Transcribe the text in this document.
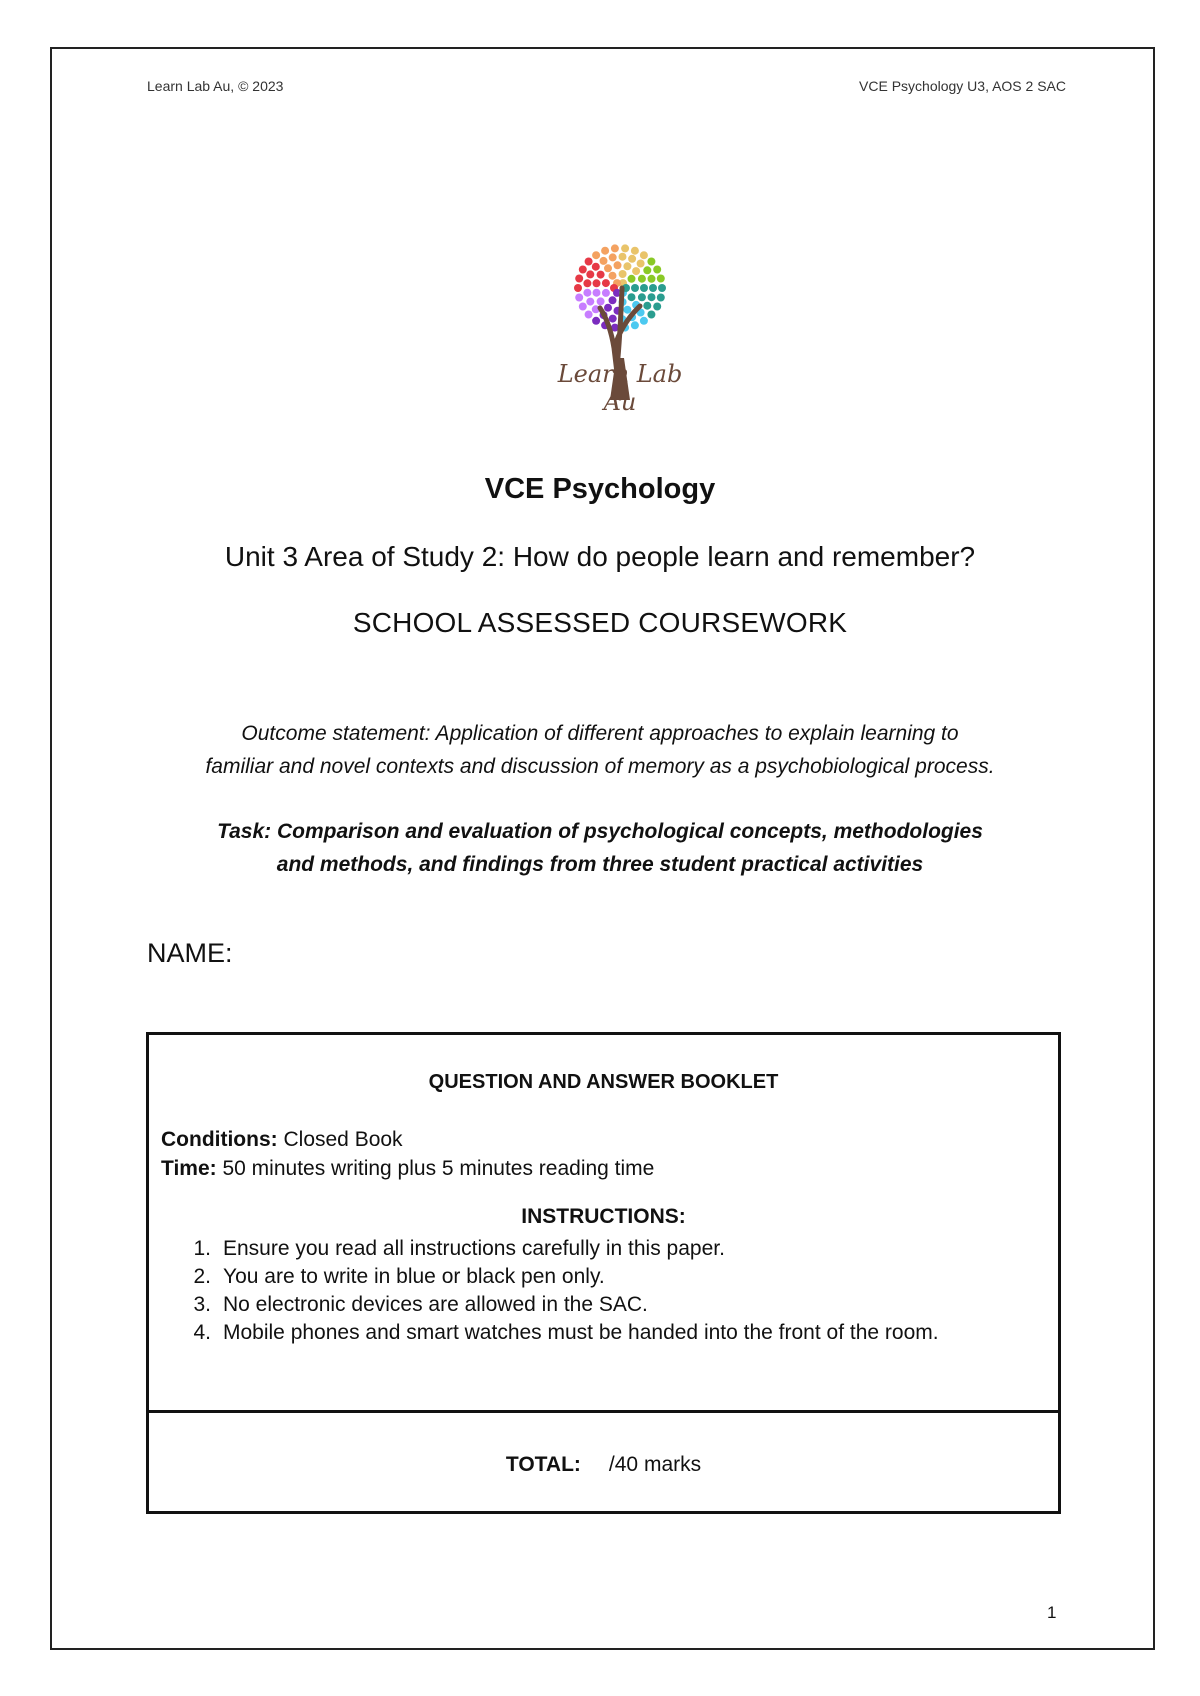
Learn Lab Au, © 2023	VCE Psychology U3, AOS 2 SAC
Learn Lab Au
VCE Psychology
Unit 3 Area of Study 2: How do people learn and remember?
SCHOOL ASSESSED COURSEWORK
Outcome statement: Application of different approaches to explain learning to
familiar and novel contexts and discussion of memory as a psychobiological process.
Task: Comparison and evaluation of psychological concepts, methodologies
and methods, and findings from three student practical activities
NAME:
QUESTION AND ANSWER BOOKLET
Conditions: Closed Book
Time: 50 minutes writing plus 5 minutes reading time
INSTRUCTIONS:
1. Ensure you read all instructions carefully in this paper.
2. You are to write in blue or black pen only.
3. No electronic devices are allowed in the SAC.
4. Mobile phones and smart watches must be handed into the front of the room.
TOTAL: /40 marks
1
